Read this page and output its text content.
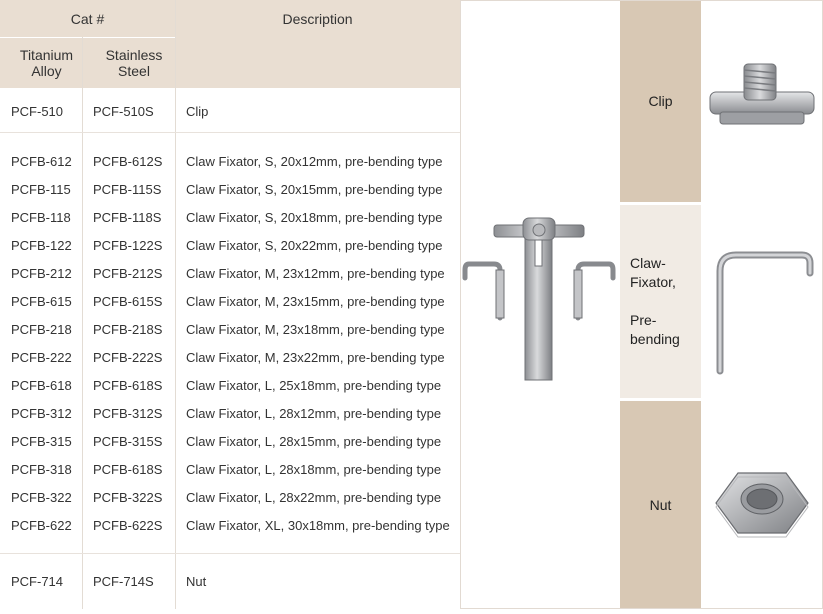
Cat #	Description
Titanium
Alloy
Stainless
Steel
PCF-510 PCF-510S Clip
PCFB-612 PCFB-612S Claw Fixator, S, 20x12mm, pre-bending type
PCFB-115 PCFB-115S Claw Fixator, S, 20x15mm, pre-bending type
PCFB-118 PCFB-118S Claw Fixator, S, 20x18mm, pre-bending type
PCFB-122 PCFB-122S Claw Fixator, S, 20x22mm, pre-bending type
PCFB-212 PCFB-212S Claw Fixator, M, 23x12mm, pre-bending type
PCFB-615 PCFB-615S Claw Fixator, M, 23x15mm, pre-bending type
PCFB-218 PCFB-218S Claw Fixator, M, 23x18mm, pre-bending type
PCFB-222 PCFB-222S Claw Fixator, M, 23x22mm, pre-bending type
PCFB-618 PCFB-618S Claw Fixator, L, 25x18mm, pre-bending type
PCFB-312 PCFB-312S Claw Fixator, L, 28x12mm, pre-bending type
PCFB-315 PCFB-315S Claw Fixator, L, 28x15mm, pre-bending type
PCFB-318 PCFB-618S Claw Fixator, L, 28x18mm, pre-bending type
PCFB-322 PCFB-322S Claw Fixator, L, 28x22mm, pre-bending type
PCFB-622 PCFB-622S Claw Fixator, XL, 30x18mm, pre-bending type
PCF-714 PCF-714S Nut
Clip
Claw-
Fixator,
Pre-
bending
Nut
